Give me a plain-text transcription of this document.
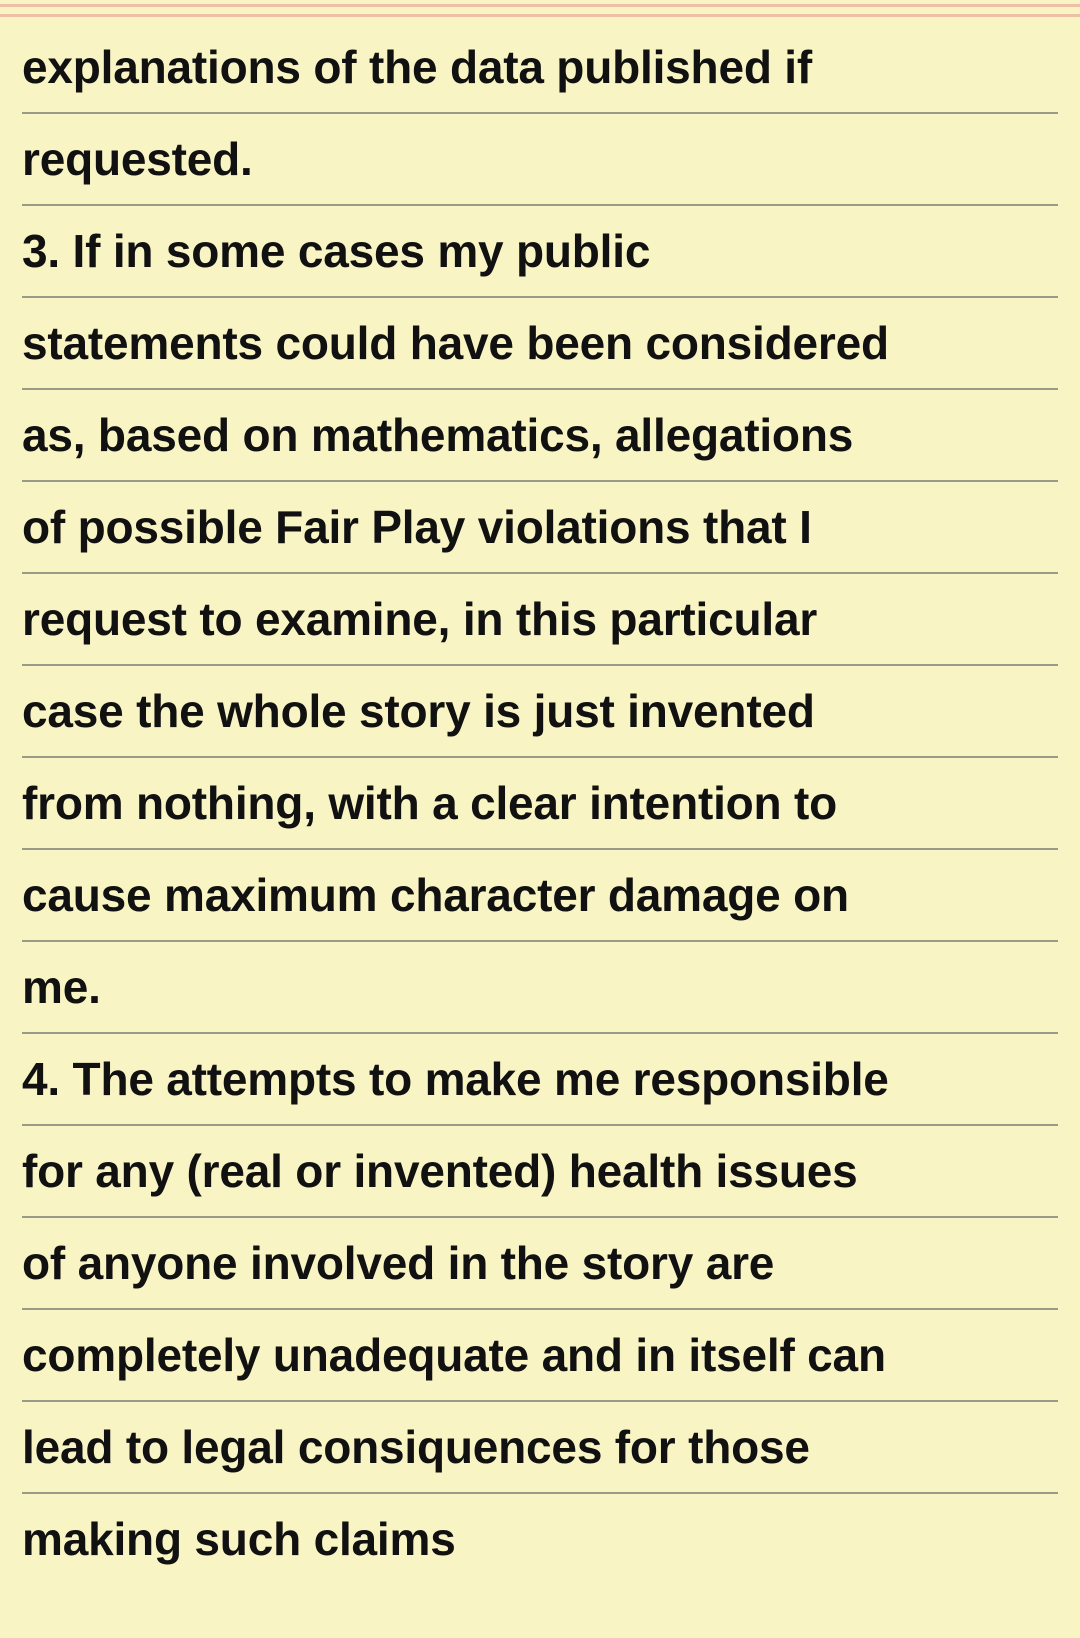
explanations of the data published if
requested.
3. If in some cases my public
statements could have been considered
as, based on mathematics, allegations
of possible Fair Play violations that I
request to examine, in this particular
case the whole story is just invented
from nothing, with a clear intention to
cause maximum character damage on
me.
4. The attempts to make me responsible
for any (real or invented) health issues
of anyone involved in the story are
completely unadequate and in itself can
lead to legal consiquences for those
making such claims
